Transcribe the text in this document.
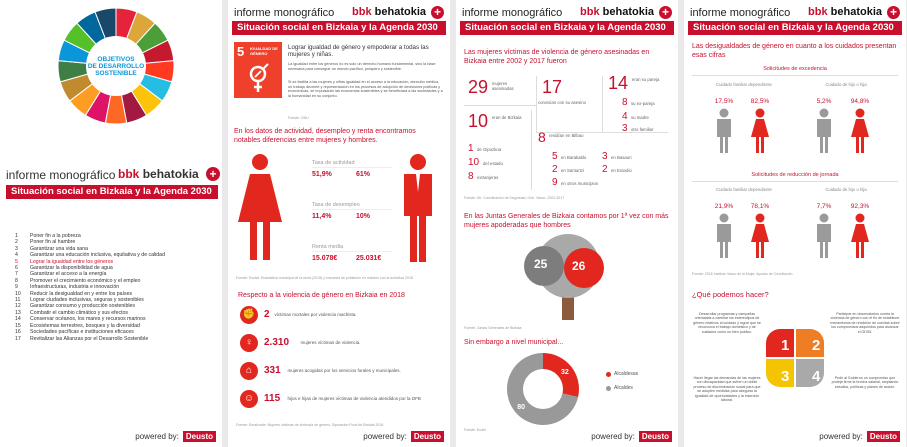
OBJETIVOS
DE DESARROLLO
SOSTENIBLE
informe monográfico bbk behatokia +
Situación social en Bizkaia y la Agenda 2030
1 Poner fin a la pobreza
2 Poner fin al hambre
3 Garantizar una vida sana
4 Garantizar una educación inclusiva, equitativa y de calidad
5 Lograr la igualdad entre los géneros
6 Garantizar la disponibilidad de agua
7 Garantizar el acceso a la energía
8 Promover el crecimiento económico y el empleo
9 Infraestructuras, industria e innovación
10 Reducir la desigualdad en y entre los países
11 Lograr ciudades inclusivas, seguras y sostenibles
12 Garantizar consumo y producción sostenibles
13 Combatir el cambio climático y sus efectos
14 Conservar océanos, los mares y recursos marinos
15 Ecosistemas terrestres, bosques y la diversidad
16 Sociedades pacíficas e instituciones eficaces
17 Revitalizar las Alianzas por el Desarrollo Sostenible
powered by: Deusto
informe monográfico bbk behatokia +
Situación social en Bizkaia y la Agenda 2030
5 IGUALDAD DE GÉNERO
Lograr igualdad de género y empoderar a todas las mujeres y niñas.
La igualdad entre los géneros no es solo un derecho humano fundamental, sino la base necesaria para conseguir un mundo pacífico, próspero y sostenible.
Si se facilita a las mujeres y niñas igualdad en el acceso a la educación, atención médica, un trabajo decente y representación en los procesos de adopción de decisiones políticas y económicas, se impulsarán las economías sostenibles y se beneficiará a las sociedades y a la humanidad en su conjunto.
Fuente: ONU
En los datos de actividad, desempleo y renta encontramos notables diferencias entre mujeres y hombres.
Tasa de actividad
51,9%	61%
Tasa de desempleo
11,4%	10%
Renta media
15.078€	25.031€
Fuente: Eustat: Estadística municipal de la renta (2015) y encuesta de población en relación con la actividad 2018
Respecto a la violencia de género en Bizkaia en 2018
✊ 2 víctimas mortales por violencia machista.
♀	2.310	mujeres víctimas de violencia.
⌂	331 mujeres acogidas por los servicios forales y municipales.
☺ 115 hijos e hijas de mujeres víctimas de violencia atendidos por la DFB
Fuente: Emakunde: Mujeres víctimas de violencia de género, Diputación Foral de Bizkaia 2018
powered by: Deusto
informe monográfico bbk behatokia +
Situación social en Bizkaia y la Agenda 2030
Las mujeres víctimas de violencia de género asesinadas en Bizkaia entre 2002 y 2017 fueron
29 mujeres asesinadas	17
convivían con su asesino
14 eran su pareja
8 su ex-pareja
4 su madre
3 otro familiar
10 eran de Bizkaia
1 de Gipuzkoa
10 del estado
8 extranjeras
8 residían en Bilbao
5 en Barakaldo 3 en Basauri
2 en Santurtzi 2 en Erandio
9 en otros municipios
Fuente: Dir. Coordinación de Seguridad, Gob. Vasco, 2002-2017
En las Juntas Generales de Bizkaia contamos por 1ª vez con más mujeres apoderadas que hombres
25 26
Fuente: Juntas Generales de Bizkaia
Sin embargo a nivel municipal...
32
80
Alcaldesas
Alcaldes
Fuente: Eudel
powered by: Deusto
informe monográfico bbk behatokia +
Situación social en Bizkaia y la Agenda 2030
Las desigualdades de género en cuanto a los cuidados presentan esas cifras
Solicitudes de excedencia
Cuidado familiar dependiente	Cuidado de hijo o hija
17,5%	82,5%	5,2%	94,8%
Solicitudes de reducción de jornada
Cuidado familiar dependiente	Cuidado de hijo o hija
21,9%	78,1%	7,7%	92,3%
Fuente: 2018 Instituto Vasco de la Mujer, Ayudas de Conciliación
¿Qué podemos hacer?
1
Desarrollar programas y campañas orientadas a cambiar los estereotipos de género relativos al cuidado y lograr que se reconozca el trabajo doméstico y de cuidados como un bien público.
2
Participar en observatorios contra la violencia de género con el fin de establecer mecanismos de rendición de cuentas sobre los compromisos adquiridos para alcanzar el ODS5.
3
Hacer llegar las demandas de las mujeres con discapacidad que sufren un doble proceso de discriminación social para que se adopten medidas para asegurar la igualdad de oportunidades y la inserción laboral.
4	Pedir al Gobierno un compromiso que proteja firme la brecha salarial, ampliando estudios, políticas y planes de acción.
powered by: Deusto
